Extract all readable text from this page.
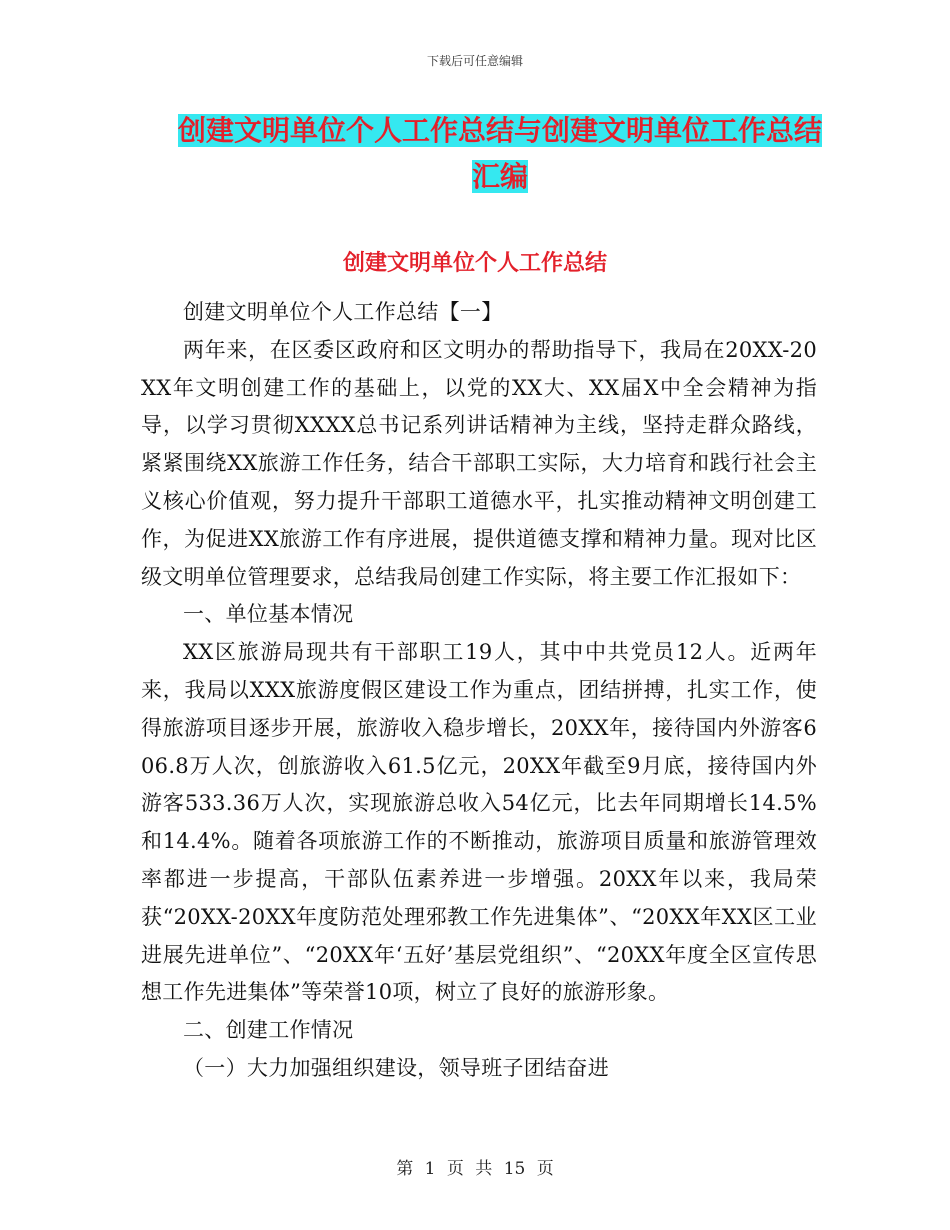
下载后可任意编辑
创建文明单位个人工作总结与创建文明单位工作总结
汇编
创建文明单位个人工作总结

创建文明单位个人工作总结【一】

两年来，在区委区政府和区文明办的帮助指导下，我局在20XX-20XX年文明创建工作的基础上，以党的XX大、XX届X中全会精神为指导，以学习贯彻XXXX总书记系列讲话精神为主线，坚持走群众路线，紧紧围绕XX旅游工作任务，结合干部职工实际，大力培育和践行社会主义核心价值观，努力提升干部职工道德水平，扎实推动精神文明创建工作，为促进XX旅游工作有序进展，提供道德支撑和精神力量。现对比区级文明单位管理要求，总结我局创建工作实际，将主要工作汇报如下：

一、单位基本情况

XX区旅游局现共有干部职工19人，其中中共党员12人。近两年来，我局以XXX旅游度假区建设工作为重点，团结拼搏，扎实工作，使得旅游项目逐步开展，旅游收入稳步增长，20XX年，接待国内外游客606.8万人次，创旅游收入61.5亿元，20XX年截至9月底，接待国内外游客533.36万人次，实现旅游总收入54亿元，比去年同期增长14.5%和14.4%。随着各项旅游工作的不断推动，旅游项目质量和旅游管理效率都进一步提高，干部队伍素养进一步增强。20XX年以来，我局荣获“20XX-20XX年度防范处理邪教工作先进集体”、“20XX年XX区工业进展先进单位”、“20XX年‘五好’基层党组织”、“20XX年度全区宣传思想工作先进集体”等荣誉10项，树立了良好的旅游形象。

二、创建工作情况

（一）大力加强组织建设，领导班子团结奋进

第 1 页 共 15 页
